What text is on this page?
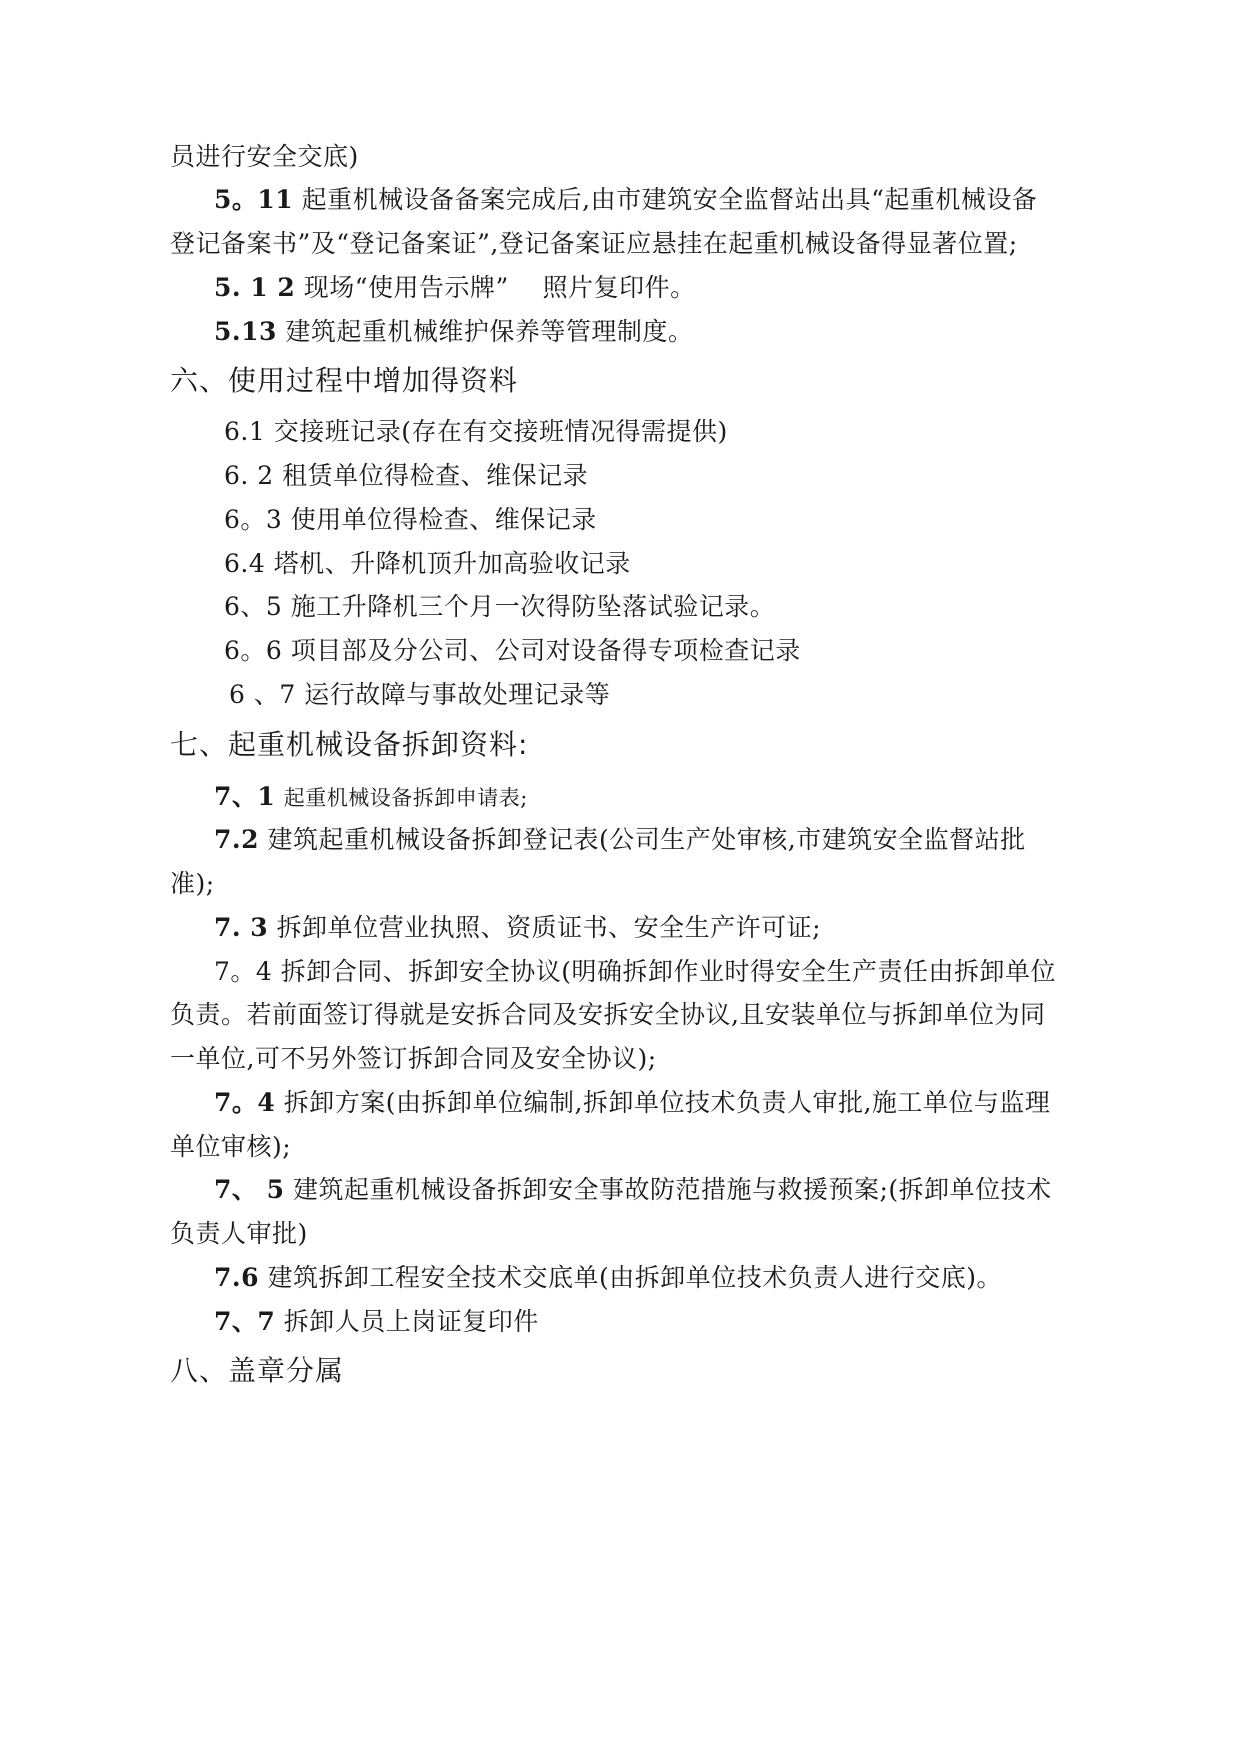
员进行安全交底)
5。11 起重机械设备备案完成后,由市建筑安全监督站出具“起重机械设备
登记备案书”及“登记备案证”,登记备案证应悬挂在起重机械设备得显著位置;
5. 1 2 现场“使用告示牌”    照片复印件。
5.13 建筑起重机械维护保养等管理制度。
六、使用过程中增加得资料
6.1 交接班记录(存在有交接班情况得需提供)
6. 2 租赁单位得检查、维保记录
6。3 使用单位得检查、维保记录
6.4 塔机、升降机顶升加高验收记录
6、5 施工升降机三个月一次得防坠落试验记录。
6。6 项目部及分公司、公司对设备得专项检查记录
6 、7 运行故障与事故处理记录等
七、起重机械设备拆卸资料:
7、1 起重机械设备拆卸申请表;
7.2 建筑起重机械设备拆卸登记表(公司生产处审核,市建筑安全监督站批
准);
7. 3 拆卸单位营业执照、资质证书、安全生产许可证;
7。4 拆卸合同、拆卸安全协议(明确拆卸作业时得安全生产责任由拆卸单位
负责。若前面签订得就是安拆合同及安拆安全协议,且安装单位与拆卸单位为同
一单位,可不另外签订拆卸合同及安全协议);
7。4 拆卸方案(由拆卸单位编制,拆卸单位技术负责人审批,施工单位与监理
单位审核);
7、 5 建筑起重机械设备拆卸安全事故防范措施与救援预案;(拆卸单位技术
负责人审批)
7.6 建筑拆卸工程安全技术交底单(由拆卸单位技术负责人进行交底)。
7、7 拆卸人员上岗证复印件
八、盖章分属
